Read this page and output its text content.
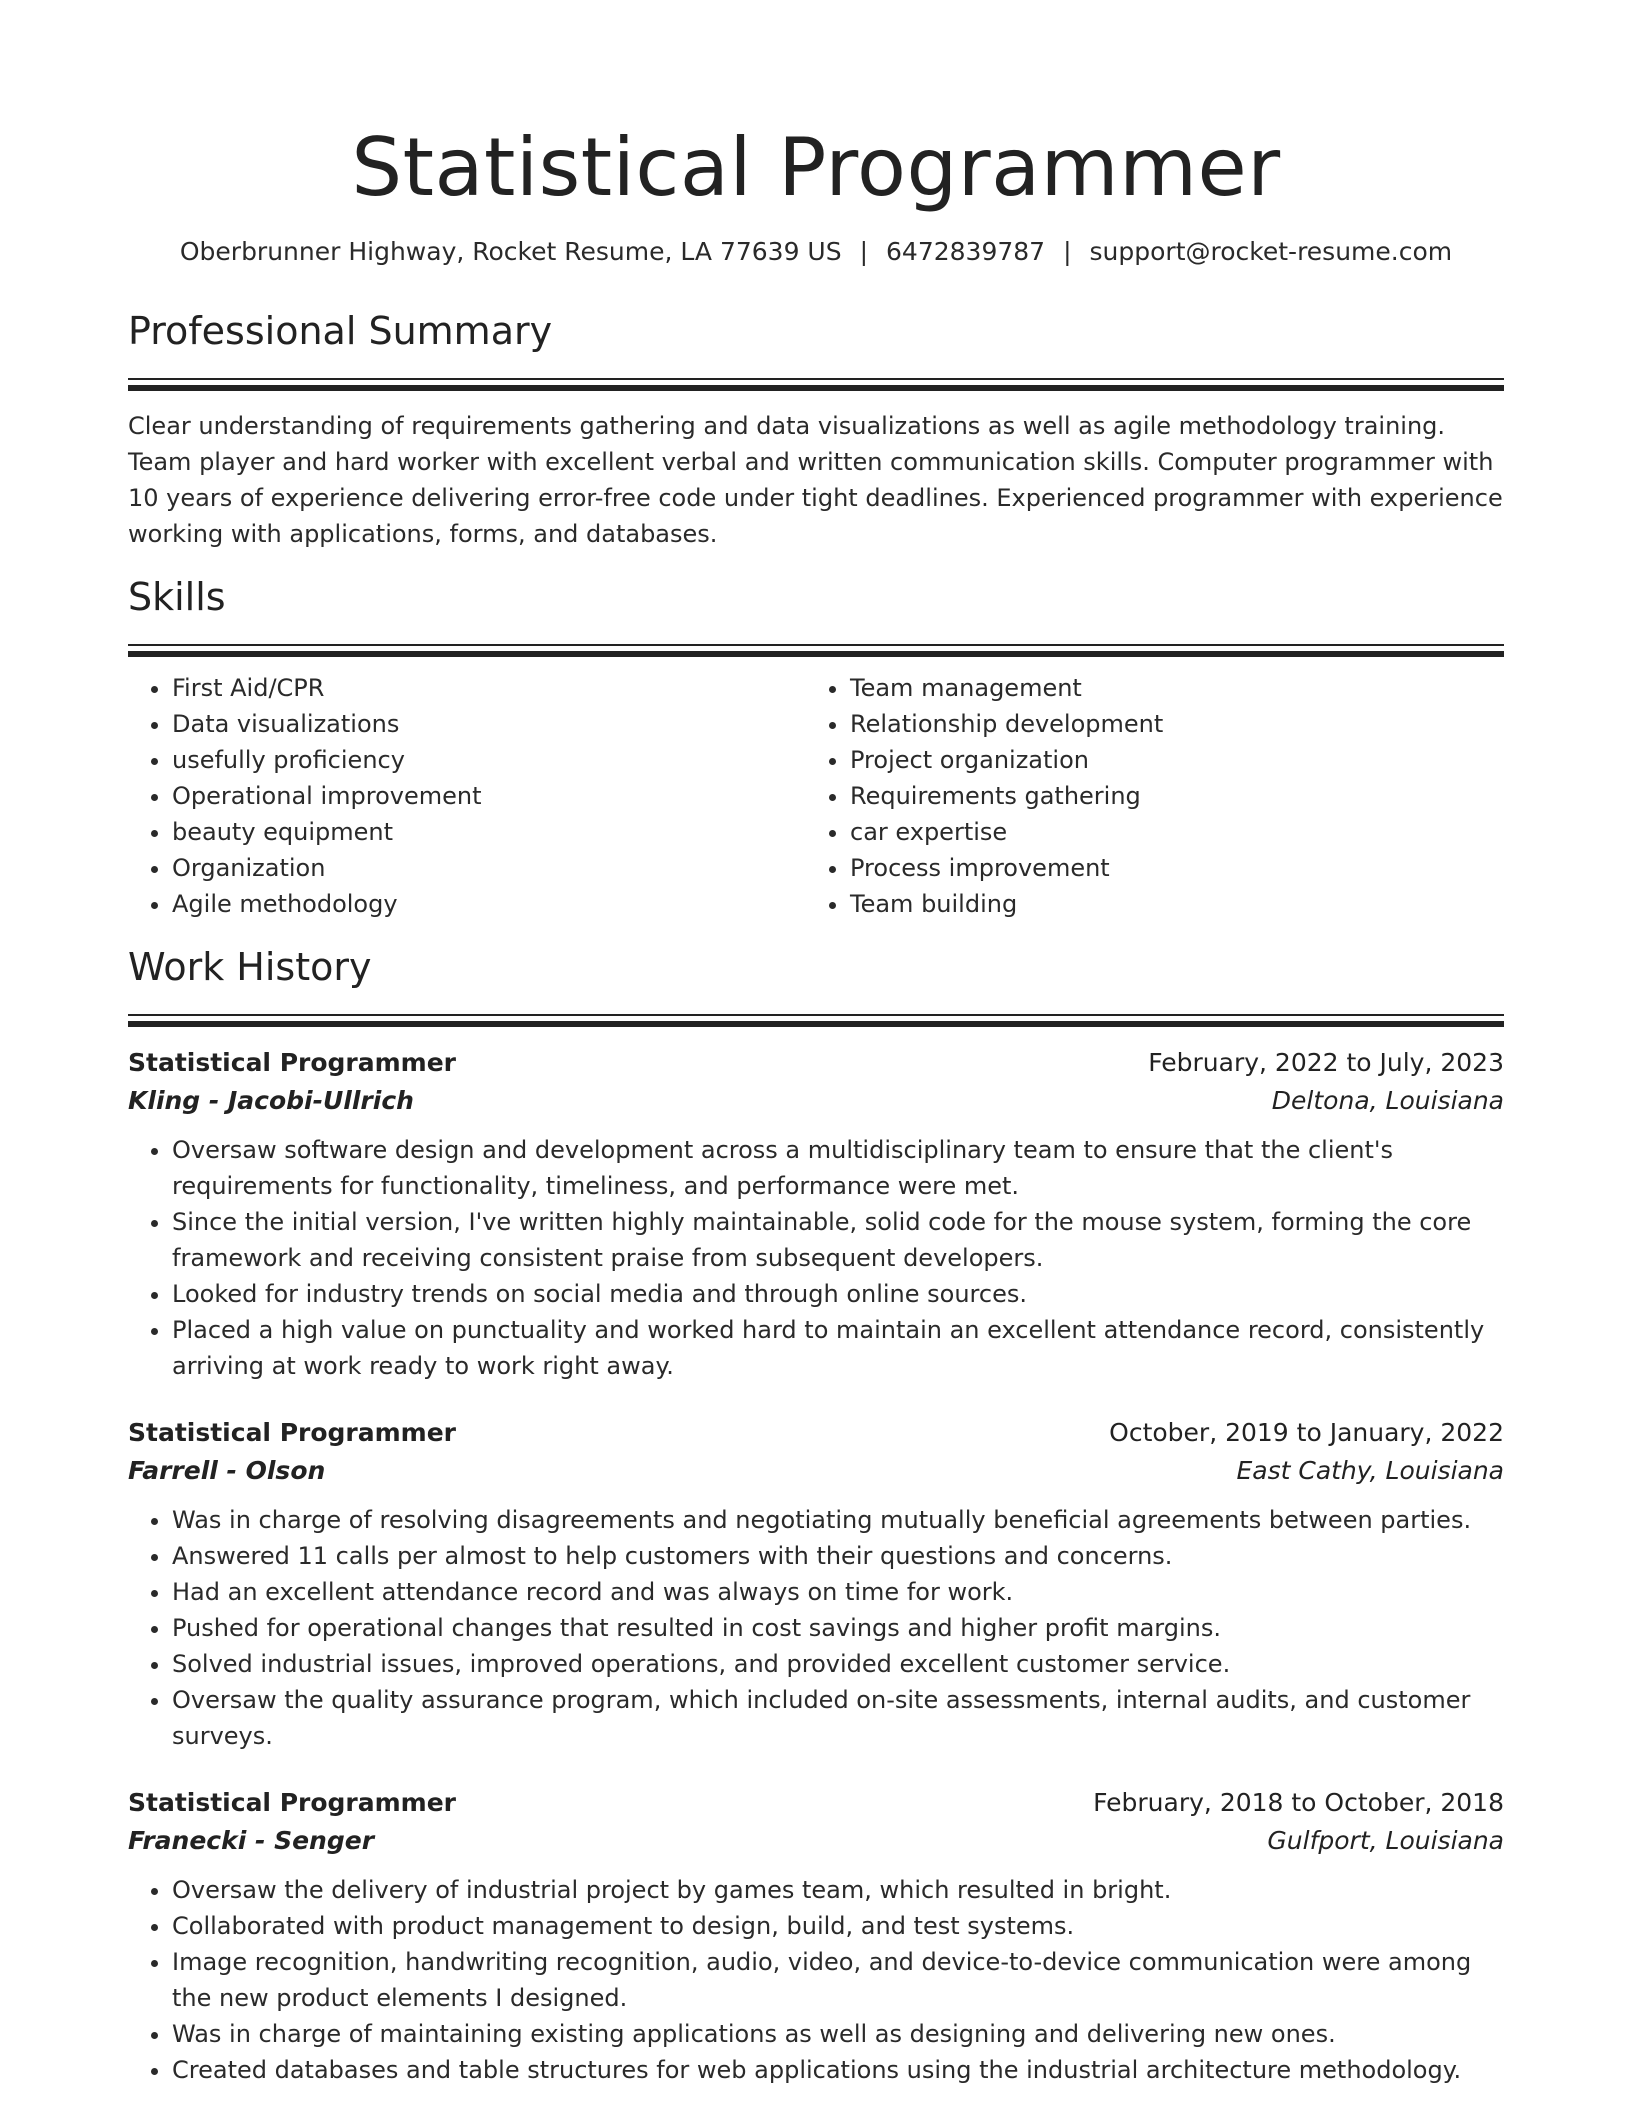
Statistical Programmer
Oberbrunner Highway, Rocket Resume, LA 77639 US | 6472839787 | support@rocket-resume.com
Professional Summary
Clear understanding of requirements gathering and data visualizations as well as agile methodology training. Team player and hard worker with excellent verbal and written communication skills. Computer programmer with 10 years of experience delivering error-free code under tight deadlines. Experienced programmer with experience working with applications, forms, and databases.
Skills
• First Aid/CPR
• Data visualizations
• usefully proficiency
• Operational improvement
• beauty equipment
• Organization
• Agile methodology
• Team management
• Relationship development
• Project organization
• Requirements gathering
• car expertise
• Process improvement
• Team building
Work History
Statistical Programmer	February, 2022 to July, 2023
Kling - Jacobi-Ullrich	Deltona, Louisiana
• Oversaw software design and development across a multidisciplinary team to ensure that the client's requirements for functionality, timeliness, and performance were met.
• Since the initial version, I've written highly maintainable, solid code for the mouse system, forming the core framework and receiving consistent praise from subsequent developers.
• Looked for industry trends on social media and through online sources.
• Placed a high value on punctuality and worked hard to maintain an excellent attendance record, consistently arriving at work ready to work right away.
Statistical Programmer	October, 2019 to January, 2022
Farrell - Olson	East Cathy, Louisiana
• Was in charge of resolving disagreements and negotiating mutually beneficial agreements between parties.
• Answered 11 calls per almost to help customers with their questions and concerns.
• Had an excellent attendance record and was always on time for work.
• Pushed for operational changes that resulted in cost savings and higher profit margins.
• Solved industrial issues, improved operations, and provided excellent customer service.
• Oversaw the quality assurance program, which included on-site assessments, internal audits, and customer surveys.
Statistical Programmer	February, 2018 to October, 2018
Franecki - Senger	Gulfport, Louisiana
• Oversaw the delivery of industrial project by games team, which resulted in bright.
• Collaborated with product management to design, build, and test systems.
• Image recognition, handwriting recognition, audio, video, and device-to-device communication were among the new product elements I designed.
• Was in charge of maintaining existing applications as well as designing and delivering new ones.
• Created databases and table structures for web applications using the industrial architecture methodology.
